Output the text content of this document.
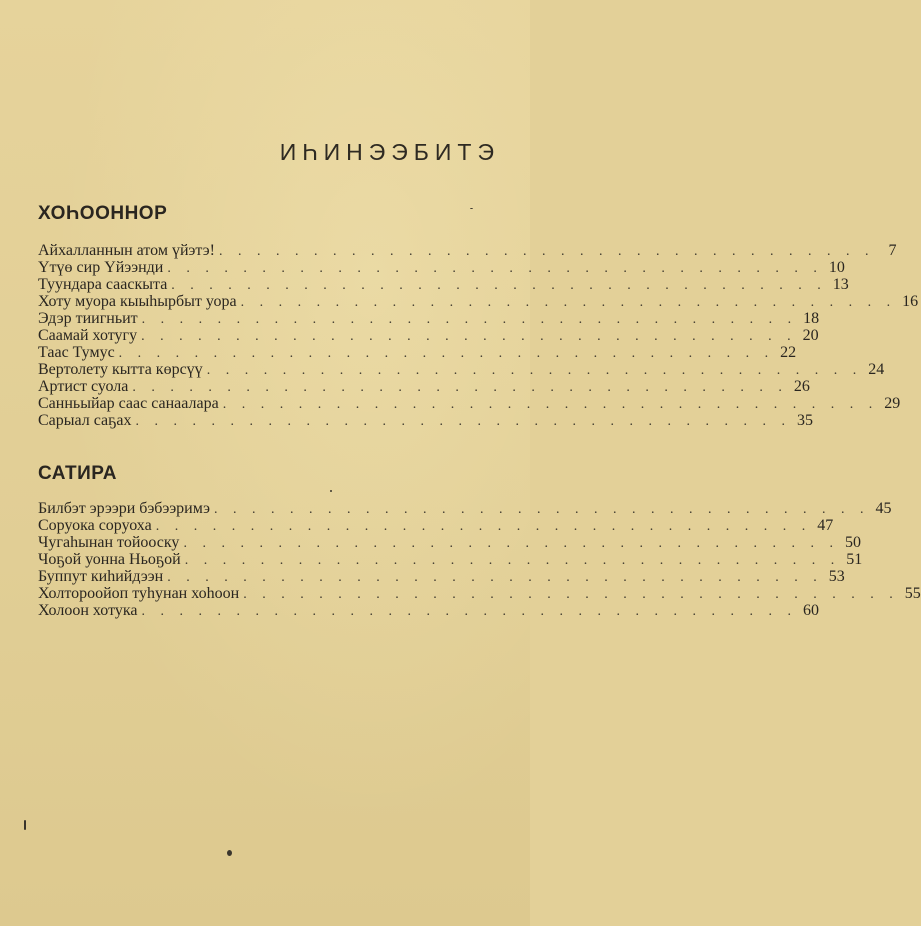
ИҺИНЭЭБИТЭ
ХОҺООННОР
Айхалланнын атом үйэтэ! . . . . . . . . . . . . . . . . . . . . . . . . . . . . . . . . . . . 7
Үтүө сир Үйээнди . . . . . . . . . . . . . . . . . . . . . . . . . . . . . . . . . . . 10
Туундара сааскыта . . . . . . . . . . . . . . . . . . . . . . . . . . . . . . . . . . . 13
Хоту муора кыыһырбыт уора . . . . . . . . . . . . . . . . . . . . . . . . . . . . . . . . . . . 16
Эдэр тиигньит . . . . . . . . . . . . . . . . . . . . . . . . . . . . . . . . . . . 18
Саамай хотугу . . . . . . . . . . . . . . . . . . . . . . . . . . . . . . . . . . . 20
Таас Тумус . . . . . . . . . . . . . . . . . . . . . . . . . . . . . . . . . . . 22
Вертолету кытта көрсүү . . . . . . . . . . . . . . . . . . . . . . . . . . . . . . . . . . . 24
Артист суола . . . . . . . . . . . . . . . . . . . . . . . . . . . . . . . . . . . 26
Санньыйар саас санаалара . . . . . . . . . . . . . . . . . . . . . . . . . . . . . . . . . . . 29
Сарыал саҕах . . . . . . . . . . . . . . . . . . . . . . . . . . . . . . . . . . . 35
САТИРА
Билбэт эрээри бэбээримэ . . . . . . . . . . . . . . . . . . . . . . . . . . . . . . . . . . . 45
Соруока соруоха . . . . . . . . . . . . . . . . . . . . . . . . . . . . . . . . . . . 47
Чугаһынан тойооску . . . . . . . . . . . . . . . . . . . . . . . . . . . . . . . . . . . 50
Чоҕой уонна Ньоҕой . . . . . . . . . . . . . . . . . . . . . . . . . . . . . . . . . . . 51
Буппут киһийдээн . . . . . . . . . . . . . . . . . . . . . . . . . . . . . . . . . . . 53
Холтороойоп туһунан хоһоон . . . . . . . . . . . . . . . . . . . . . . . . . . . . . . . . . . . 55
Холоон хотука . . . . . . . . . . . . . . . . . . . . . . . . . . . . . . . . . . . 60
